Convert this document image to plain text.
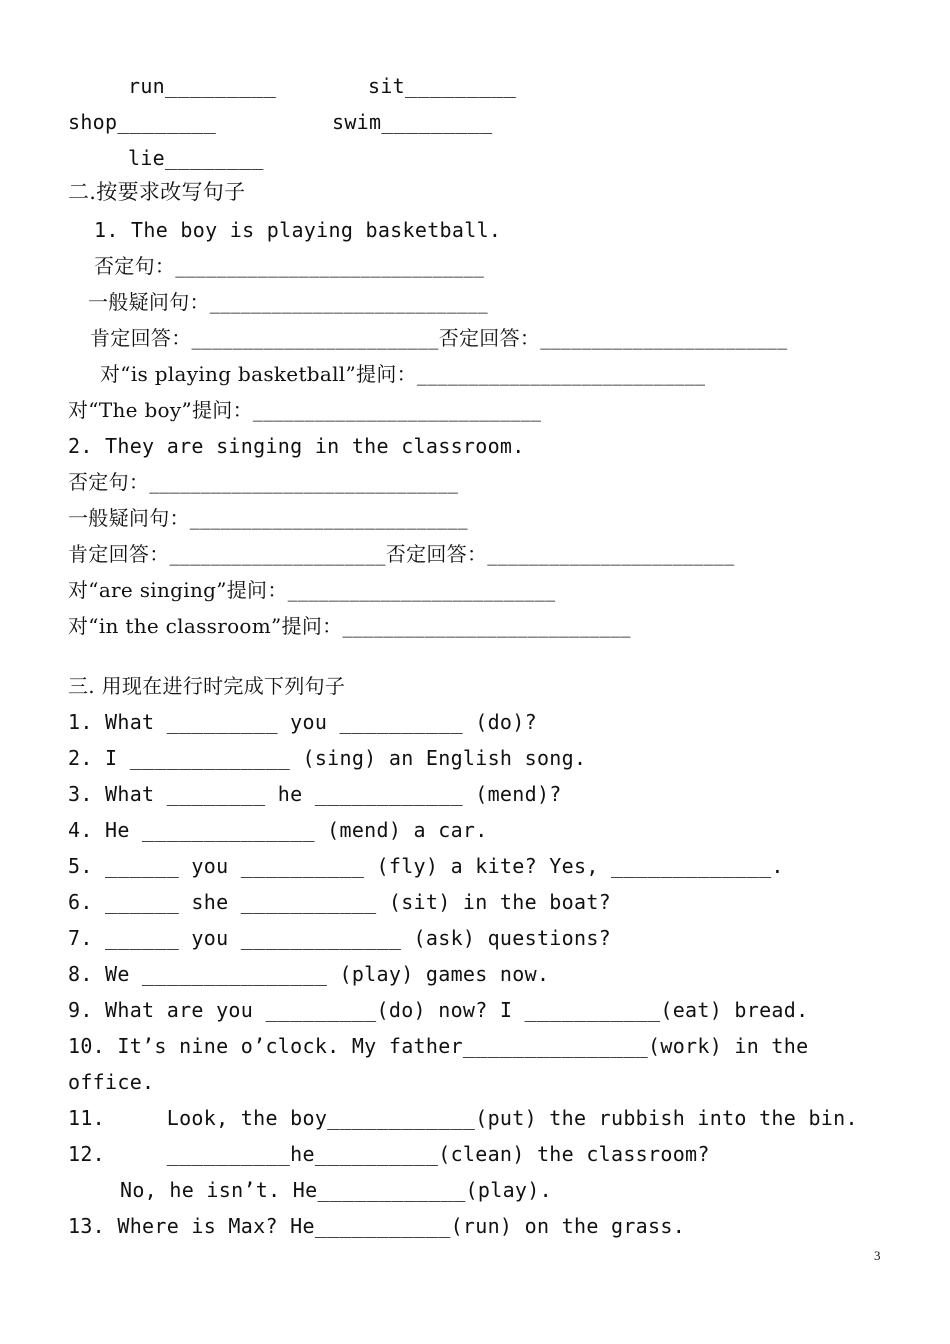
run_________	sit_________
shop________	swim_________
lie________
二.按要求改写句子
1. The boy is playing basketball.
否定句：______________________________
一般疑问句：___________________________
肯定回答：________________________否定回答：________________________
对“is playing basketball”提问：____________________________
对“The boy”提问：____________________________
2. They are singing in the classroom.
否定句：______________________________
一般疑问句：___________________________
肯定回答：_____________________否定回答：________________________
对“are singing”提问：__________________________
对“in the classroom”提问：____________________________
三. 用现在进行时完成下列句子
1. What _________ you __________ (do)?
2. I _____________ (sing) an English song.
3. What ________ he ____________ (mend)?
4. He ______________ (mend) a car.
5. ______ you __________ (fly) a kite? Yes, _____________.
6. ______ she ___________ (sit) in the boat?
7. ______ you _____________ (ask) questions?
8. We _______________ (play) games now.
9. What are you _________(do) now? I ___________(eat) bread.
10. It’s nine o’clock. My father_______________(work) in the
office.
11.     Look, the boy____________(put) the rubbish into the bin.
12.     __________he__________(clean) the classroom?
No, he isn’t. He____________(play).
13. Where is Max? He___________(run) on the grass.
3
